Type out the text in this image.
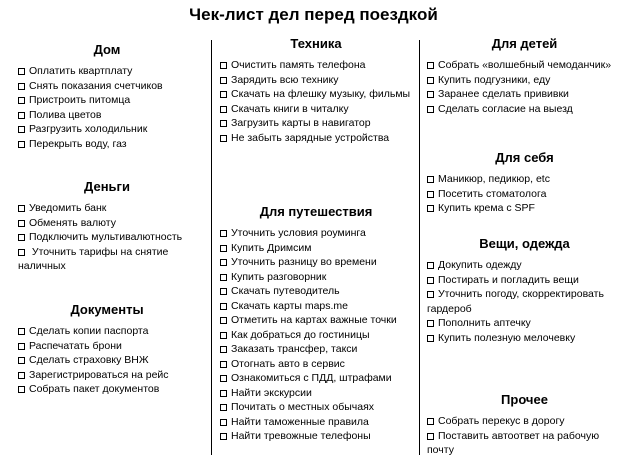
Чек-лист дел перед поездкой
Дом
Оплатить квартплату
Снять показания счетчиков
Пристроить питомца
Полива цветов
Разгрузить холодильник
Перекрыть воду, газ
Деньги
Уведомить банк
Обменять валюту
Подключить мультивалютность
Уточнить тарифы на снятие наличных
Документы
Сделать копии паспорта
Распечатать брони
Сделать страховку ВНЖ
Зарегистрироваться на рейс
Собрать пакет документов
Техника
Очистить память телефона
Зарядить всю технику
Скачать на флешку музыку, фильмы
Скачать книги в читалку
Загрузить карты в навигатор
Не забыть зарядные устройства
Для путешествия
Уточнить условия роуминга
Купить Дримсим
Уточнить разницу во времени
Купить разговорник
Скачать путеводитель
Скачать карты maps.me
Отметить на картах важные точки
Как добраться до гостиницы
Заказать трансфер, такси
Отогнать авто в сервис
Ознакомиться с ПДД, штрафами
Найти экскурсии
Почитать о местных обычаях
Найти таможенные правила
Найти тревожные телефоны
Для детей
Собрать «волшебный чемоданчик»
Купить подгузники, еду
Заранее сделать прививки
Сделать согласие на выезд
Для себя
Маникюр, педикюр, etc
Посетить стоматолога
Купить крема с SPF
Вещи, одежда
Докупить одежду
Постирать и погладить вещи
Уточнить погоду, скорректировать гардероб
Пополнить аптечку
Купить полезную мелочевку
Прочее
Собрать перекус в дорогу
Поставить автоответ на рабочую почту
